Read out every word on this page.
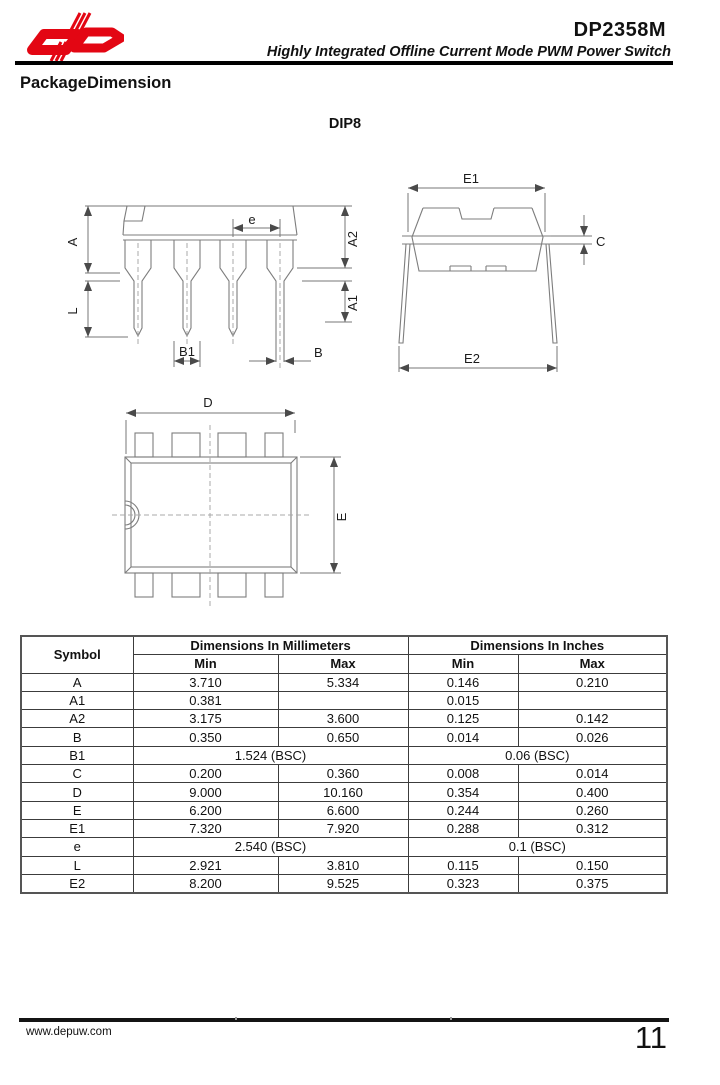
DP2358M
Highly Integrated Offline Current Mode PWM Power Switch
PackageDimension
DIP8
A
L
A2
A1
e
B1	B
E1
C
E2
D
E
Symbol	Dimensions In Millimeters		Dimensions In Inches	
	Min	Max	Min	Max
A	3.710	5.334	0.146	0.210
A1	0.381		0.015	
A2	3.175	3.600	0.125	0.142
B	0.350	0.650	0.014	0.026
B1	1.524 (BSC)		0.06 (BSC)	
C	0.200	0.360	0.008	0.014
D	9.000	10.160	0.354	0.400
E	6.200	6.600	0.244	0.260
E1	7.320	7.920	0.288	0.312
e	2.540 (BSC)		0.1 (BSC)	
L	2.921	3.810	0.115	0.150
E2	8.200	9.525	0.323	0.375
www.depuw.com	11
